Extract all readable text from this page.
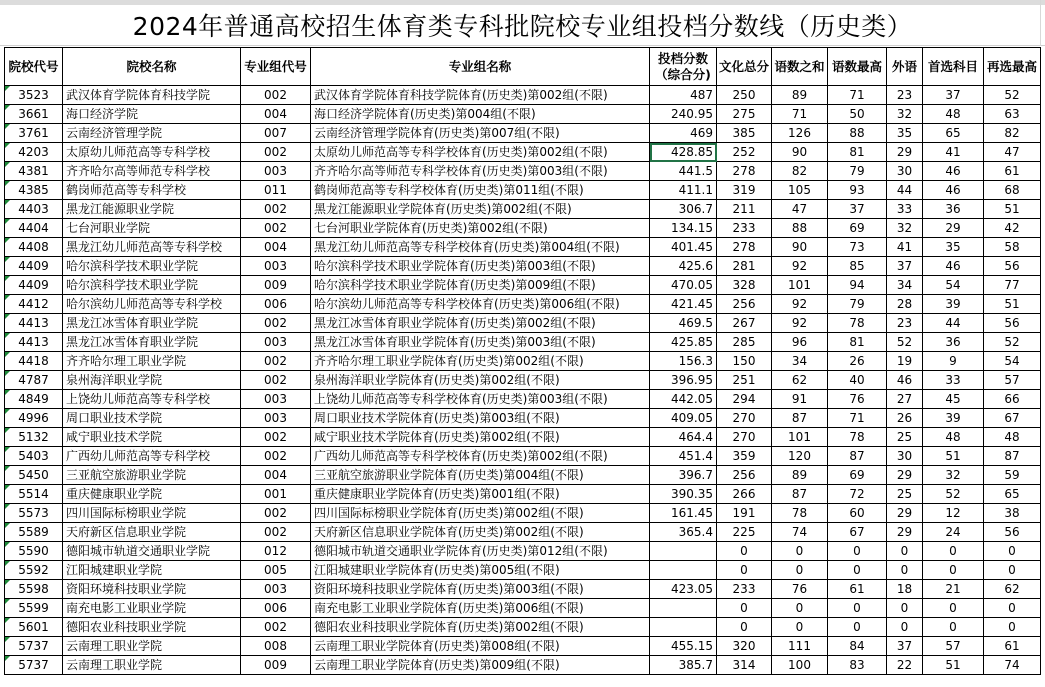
2024年普通高校招生体育类专科批院校专业组投档分数线（历史类）
院校代号	院校名称	专业组代号	专业组名称	投档分数（综合分)	文化总分	语数之和	语数最高	外语	首选科目	再选最高
3523	武汉体育学院体育科技学院	002	武汉体育学院体育科技学院体育(历史类)第002组(不限)	487	250	89	71	23	37	52
3661	海口经济学院	004	海口经济学院体育(历史类)第004组(不限)	240.95	275	71	50	32	48	63
3761	云南经济管理学院	007	云南经济管理学院体育(历史类)第007组(不限)	469	385	126	88	35	65	82
4203	太原幼儿师范高等专科学校	002	太原幼儿师范高等专科学校体育(历史类)第002组(不限)	428.85	252	90	81	29	41	47
4381	齐齐哈尔高等师范专科学校	003	齐齐哈尔高等师范专科学校体育(历史类)第003组(不限)	441.5	278	82	79	30	46	61
4385	鹤岗师范高等专科学校	011	鹤岗师范高等专科学校体育(历史类)第011组(不限)	411.1	319	105	93	44	46	68
4403	黑龙江能源职业学院	002	黑龙江能源职业学院体育(历史类)第002组(不限)	306.7	211	47	37	33	36	51
4404	七台河职业学院	002	七台河职业学院体育(历史类)第002组(不限)	134.15	233	88	69	32	29	42
4408	黑龙江幼儿师范高等专科学校	004	黑龙江幼儿师范高等专科学校体育(历史类)第004组(不限)	401.45	278	90	73	41	35	58
4409	哈尔滨科学技术职业学院	003	哈尔滨科学技术职业学院体育(历史类)第003组(不限)	425.6	281	92	85	37	46	56
4409	哈尔滨科学技术职业学院	009	哈尔滨科学技术职业学院体育(历史类)第009组(不限)	470.05	328	101	94	34	54	77
4412	哈尔滨幼儿师范高等专科学校	006	哈尔滨幼儿师范高等专科学校体育(历史类)第006组(不限)	421.45	256	92	79	28	39	51
4413	黑龙江冰雪体育职业学院	002	黑龙江冰雪体育职业学院体育(历史类)第002组(不限)	469.5	267	92	78	23	44	56
4413	黑龙江冰雪体育职业学院	003	黑龙江冰雪体育职业学院体育(历史类)第003组(不限)	425.85	285	96	81	52	36	52
4418	齐齐哈尔理工职业学院	002	齐齐哈尔理工职业学院体育(历史类)第002组(不限)	156.3	150	34	26	19	9	54
4787	泉州海洋职业学院	002	泉州海洋职业学院体育(历史类)第002组(不限)	396.95	251	62	40	46	33	57
4849	上饶幼儿师范高等专科学校	003	上饶幼儿师范高等专科学校体育(历史类)第003组(不限)	442.05	294	91	76	27	45	66
4996	周口职业技术学院	003	周口职业技术学院体育(历史类)第003组(不限)	409.05	270	87	71	26	39	67
5132	咸宁职业技术学院	002	咸宁职业技术学院体育(历史类)第002组(不限)	464.4	270	101	78	25	48	48
5403	广西幼儿师范高等专科学校	002	广西幼儿师范高等专科学校体育(历史类)第002组(不限)	451.4	359	120	87	30	51	87
5450	三亚航空旅游职业学院	004	三亚航空旅游职业学院体育(历史类)第004组(不限)	396.7	256	89	69	29	32	59
5514	重庆健康职业学院	001	重庆健康职业学院体育(历史类)第001组(不限)	390.35	266	87	72	25	52	65
5573	四川国际标榜职业学院	002	四川国际标榜职业学院体育(历史类)第002组(不限)	161.45	191	78	60	29	12	38
5589	天府新区信息职业学院	002	天府新区信息职业学院体育(历史类)第002组(不限)	365.4	225	74	67	29	24	56
5590	德阳城市轨道交通职业学院	012	德阳城市轨道交通职业学院体育(历史类)第012组(不限)		0	0	0	0	0	0
5592	江阳城建职业学院	005	江阳城建职业学院体育(历史类)第005组(不限)		0	0	0	0	0	0
5598	资阳环境科技职业学院	003	资阳环境科技职业学院体育(历史类)第003组(不限)	423.05	233	76	61	18	21	62
5599	南充电影工业职业学院	006	南充电影工业职业学院体育(历史类)第006组(不限)		0	0	0	0	0	0
5601	德阳农业科技职业学院	002	德阳农业科技职业学院体育(历史类)第002组(不限)		0	0	0	0	0	0
5737	云南理工职业学院	008	云南理工职业学院体育(历史类)第008组(不限)	455.15	320	111	84	37	57	61
5737	云南理工职业学院	009	云南理工职业学院体育(历史类)第009组(不限)	385.7	314	100	83	22	51	74
